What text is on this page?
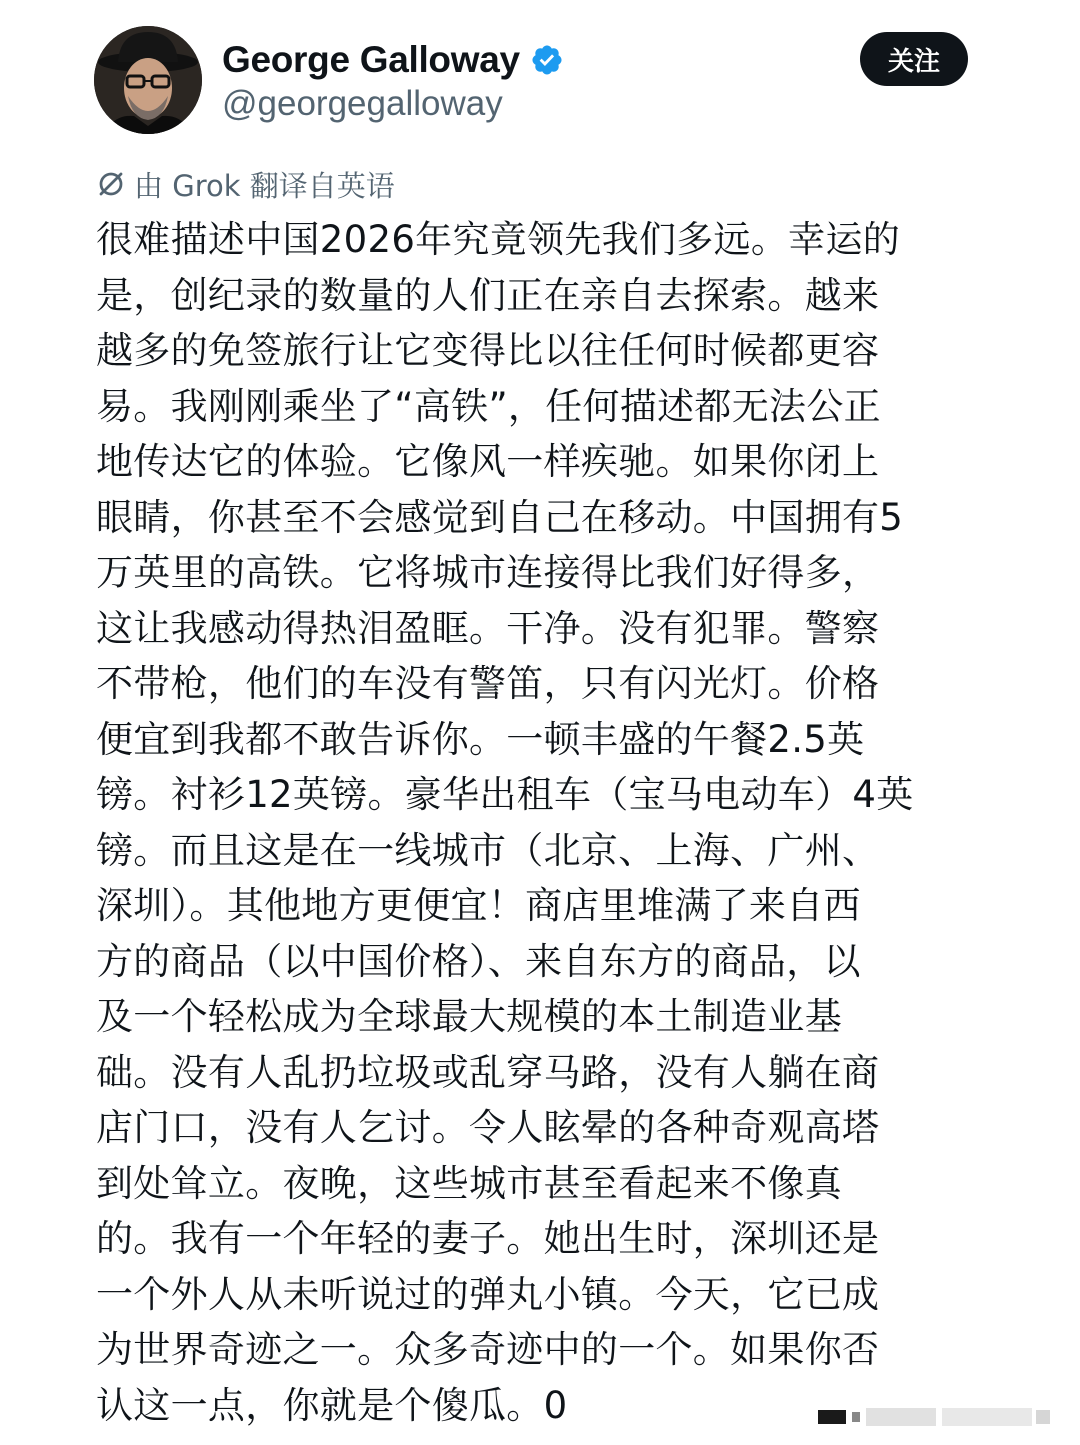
George Galloway
@georgegalloway
关注
由 Grok 翻译自英语
很难描述中国2026年究竟领先我们多远。幸运的
是，创纪录的数量的人们正在亲自去探索。越来
越多的免签旅行让它变得比以往任何时候都更容
易。我刚刚乘坐了“高铁”，任何描述都无法公正
地传达它的体验。它像风一样疾驰。如果你闭上
眼睛，你甚至不会感觉到自己在移动。中国拥有5
万英里的高铁。它将城市连接得比我们好得多，
这让我感动得热泪盈眶。干净。没有犯罪。警察
不带枪，他们的车没有警笛，只有闪光灯。价格
便宜到我都不敢告诉你。一顿丰盛的午餐2.5英
镑。衬衫12英镑。豪华出租车（宝马电动车）4英
镑。而且这是在一线城市（北京、上海、广州、
深圳）。其他地方更便宜！商店里堆满了来自西
方的商品（以中国价格）、来自东方的商品，以
及一个轻松成为全球最大规模的本土制造业基
础。没有人乱扔垃圾或乱穿马路，没有人躺在商
店门口，没有人乞讨。令人眩晕的各种奇观高塔
到处耸立。夜晚，这些城市甚至看起来不像真
的。我有一个年轻的妻子。她出生时，深圳还是
一个外人从未听说过的弹丸小镇。今天，它已成
为世界奇迹之一。众多奇迹中的一个。如果你否
认这一点，你就是个傻瓜。0
